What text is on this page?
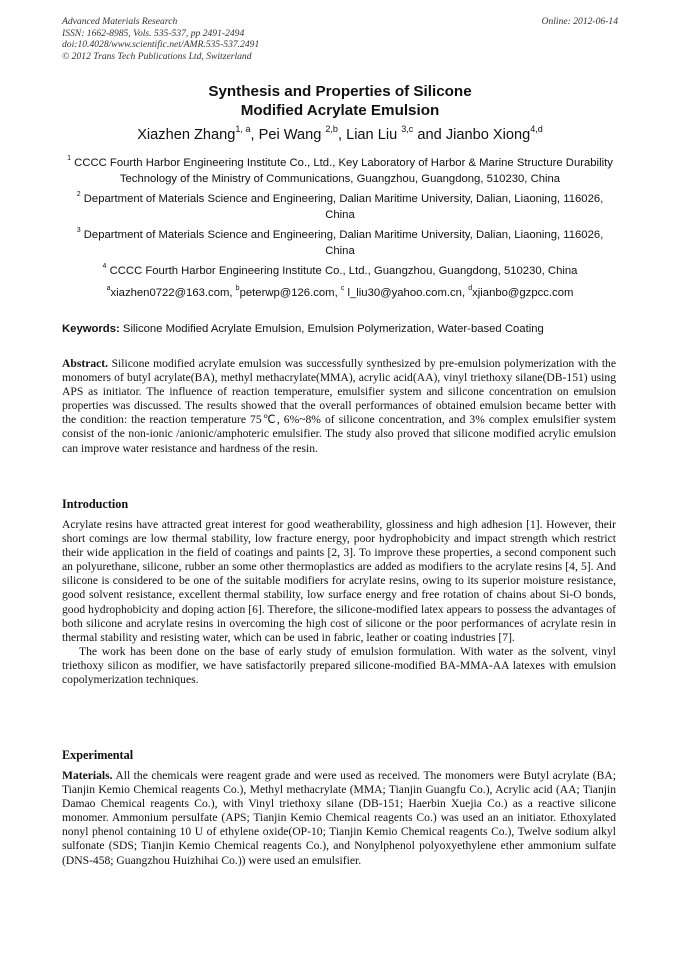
Advanced Materials Research
ISSN: 1662-8985, Vols. 535-537, pp 2491-2494
doi:10.4028/www.scientific.net/AMR.535-537.2491
© 2012 Trans Tech Publications Ltd, Switzerland
Online: 2012-06-14
Synthesis and Properties of Silicone
Modified Acrylate Emulsion
Xiazhen Zhang$^{1, a}$, Pei Wang $^{2,b}$, Lian Liu $^{3,c}$ and Jianbo Xiong$^{4,d}$
$^1$ CCCC Fourth Harbor Engineering Institute Co., Ltd., Key Laboratory of Harbor & Marine Structure Durability Technology of the Ministry of Communications, Guangzhou, Guangdong, 510230, China
$^2$ Department of Materials Science and Engineering, Dalian Maritime University, Dalian, Liaoning, 116026, China
$^3$ Department of Materials Science and Engineering, Dalian Maritime University, Dalian, Liaoning, 116026, China
$^4$ CCCC Fourth Harbor Engineering Institute Co., Ltd., Guangzhou, Guangdong, 510230, China
$^a$xiazhen0722@163.com, $^b$peterwp@126.com, $^c$ l_liu30@yahoo.com.cn, $^d$xjianbo@gzpcc.com
Keywords: Silicone Modified Acrylate Emulsion, Emulsion Polymerization, Water-based Coating

Abstract. Silicone modified acrylate emulsion was successfully synthesized by pre-emulsion polymerization with the monomers of butyl acrylate(BA), methyl methacrylate(MMA), acrylic acid(AA), vinyl triethoxy silane(DB-151) using APS as initiator. The influence of reaction temperature, emulsifier system and silicone concentration on emulsion properties was discussed. The results showed that the overall performances of obtained emulsion became better with the condition: the reaction temperature 75℃, 6%~8% of silicone concentration, and 3% complex emulsifier system consist of the non-ionic /anionic/amphoteric emulsifier. The study also proved that silicone modified acrylic emulsion can improve water resistance and hardness of the resin.

Introduction

Acrylate resins have attracted great interest for good weatherability, glossiness and high adhesion [1]. However, their short comings are low thermal stability, low fracture energy, poor hydrophobicity and impact strength which restrict their wide application in the field of coatings and paints [2, 3]. To improve these properties, a second component such an polyurethane, silicone, rubber an some other thermoplastics are added as modifiers to the acrylate resins [4, 5]. And silicone is considered to be one of the suitable modifiers for acrylate resins, owing to its superior moisture resistance, good solvent resistance, excellent thermal stability, low surface energy and free rotation of chains about Si-O bonds, good hydrophobicity and doping action [6]. Therefore, the silicone-modified latex appears to possess the advantages of both silicone and acrylate resins in overcoming the high cost of silicone or the poor performances of acrylate resin in thermal stability and resisting water, which can be used in fabric, leather or coating industries [7].

The work has been done on the base of early study of emulsion formulation. With water as the solvent, vinyl triethoxy silicon as modifier, we have satisfactorily prepared silicone-modified BA-MMA-AA latexes with emulsion copolymerization techniques.

Experimental

Materials. All the chemicals were reagent grade and were used as received. The monomers were Butyl acrylate (BA; Tianjin Kemio Chemical reagents Co.), Methyl methacrylate (MMA; Tianjin Guangfu Co.), Acrylic acid (AA; Tianjin Damao Chemical reagents Co.), with Vinyl triethoxy silane (DB-151; Haerbin Xuejia Co.) as a reactive silicone monomer. Ammonium persulfate (APS; Tianjin Kemio Chemical reagents Co.) was used an an initiator. Ethoxylated nonyl phenol containing 10 U of ethylene oxide(OP-10; Tianjin Kemio Chemical reagents Co.), Twelve sodium alkyl sulfonate (SDS; Tianjin Kemio Chemical reagents Co.), and Nonylphenol polyoxyethylene ether ammonium sulfate (DNS-458; Guangzhou Huizhihai Co.)) were used an emulsifier.
